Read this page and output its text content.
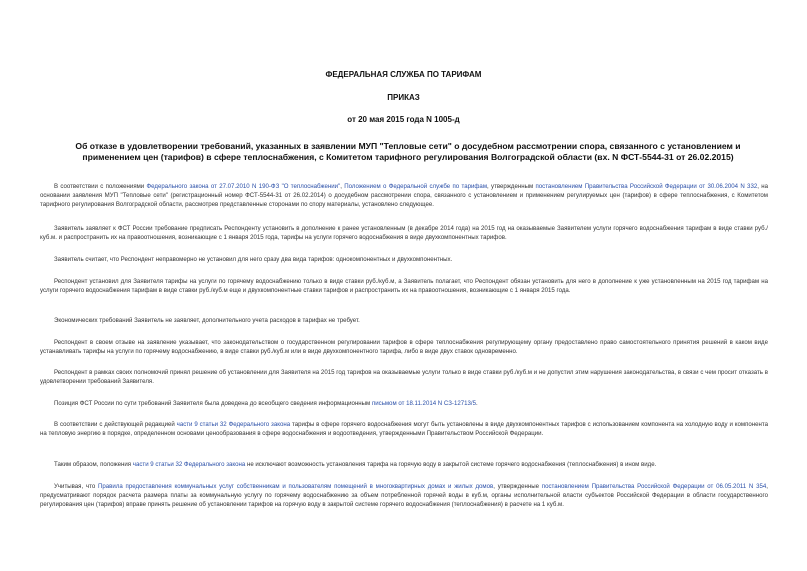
ФЕДЕРАЛЬНАЯ СЛУЖБА ПО ТАРИФАМ
ПРИКАЗ
от 20 мая 2015 года N 1005-д
Об отказе в удовлетворении требований, указанных в заявлении МУП "Тепловые сети" о досудебном рассмотрении спора, связанного с установлением и применением цен (тарифов) в сфере теплоснабжения, с Комитетом тарифного регулирования Волгоградской области (вх. N ФСТ-5544-31 от 26.02.2015)

В соответствии с положениями Федерального закона от 27.07.2010 N 190-ФЗ "О теплоснабжении", Положением о Федеральной службе по тарифам, утвержденным постановлением Правительства Российской Федерации от 30.06.2004 N 332, на основании заявления МУП "Тепловые сети" (регистрационный номер ФСТ-5544-31 от 26.02.2014) о досудебном рассмотрении спора, связанного с установлением и применением регулируемых цен (тарифов) в сфере теплоснабжения, с Комитетом тарифного регулирования Волгоградской области, рассмотрев представленные сторонами по спору материалы, установлено следующее.

Заявитель заявляет к ФСТ России требование предписать Респонденту установить в дополнение к ранее установленным (в декабре 2014 года) на 2015 год на оказываемые Заявителем услуги горячего водоснабжения тарифам в виде ставки руб./куб.м. и распространить их на правоотношения, возникающие с 1 января 2015 года, тарифы на услуги горячего водоснабжения в виде двухкомпонентных тарифов.

Заявитель считает, что Респондент неправомерно не установил для него сразу два вида тарифов: однокомпонентных и двухкомпонентных.

Респондент установил для Заявителя тарифы на услуги по горячему водоснабжению только в виде ставки руб./куб.м, а Заявитель полагает, что Респондент обязан установить для него в дополнение к уже установленным на 2015 год тарифам на услуги горячего водоснабжения тарифам в виде ставки руб./куб.м еще и двухкомпонентные ставки тарифов и распространить их на правоотношения, возникающие с 1 января 2015 года.

Экономических требований Заявитель не заявляет, дополнительного учета расходов в тарифах не требует.

Респондент в своем отзыве на заявление указывает, что законодательством о государственном регулировании тарифов в сфере теплоснабжения регулирующему органу предоставлено право самостоятельного принятия решений в каком виде устанавливать тарифы на услуги по горячему водоснабжению, в виде ставки руб./куб.м или в виде двухкомпонентного тарифа, либо в виде двух ставок одновременно.

Респондент в рамках своих полномочий принял решение об установлении для Заявителя на 2015 год тарифов на оказываемые услуги только в виде ставки руб./куб.м и не допустил этим нарушения законодательства, в связи с чем просит отказать в удовлетворении требований Заявителя.

Позиция ФСТ России по сути требований Заявителя была доведена до всеобщего сведения информационным письмом от 18.11.2014 N СЗ-12713/5.

В соответствии с действующей редакцией части 9 статьи 32 Федерального закона тарифы в сфере горячего водоснабжения могут быть установлены в виде двухкомпонентных тарифов с использованием компонента на холодную воду и компонента на тепловую энергию в порядке, определенном основами ценообразования в сфере водоснабжения и водоотведения, утвержденными Правительством Российской Федерации.

Таким образом, положения части 9 статьи 32 Федерального закона не исключают возможность установления тарифа на горячую воду в закрытой системе горячего водоснабжения (теплоснабжения) в ином виде.

Учитывая, что Правила предоставления коммунальных услуг собственникам и пользователям помещений в многоквартирных домах и жилых домов, утвержденные постановлением Правительства Российской Федерации от 06.05.2011 N 354, предусматривают порядок расчета размера платы за коммунальную услугу по горячему водоснабжению за объем потребленной горячей воды в куб.м, органы исполнительной власти субъектов Российской Федерации в области государственного регулирования цен (тарифов) вправе принять решение об установлении тарифов на горячую воду в закрытой системе горячего водоснабжения (теплоснабжения) в расчете на 1 куб.м.
